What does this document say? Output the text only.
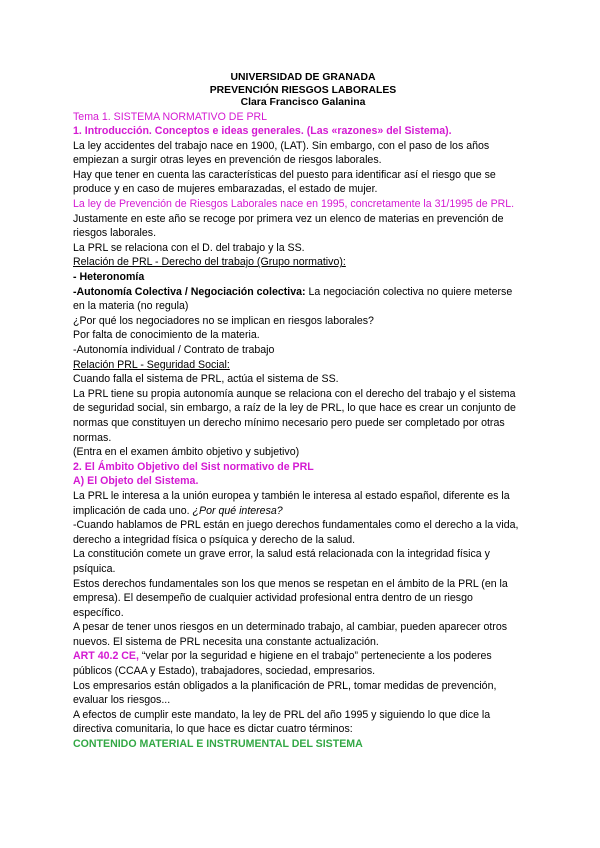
UNIVERSIDAD DE GRANADA
PREVENCIÓN RIESGOS LABORALES
Clara Francisco Galanina
Tema 1. SISTEMA NORMATIVO DE PRL
1. Introducción. Conceptos e ideas generales. (Las «razones» del Sistema).
La ley accidentes del trabajo nace en 1900, (LAT). Sin embargo, con el paso de los años empiezan a surgir otras leyes en prevención de riesgos laborales.
Hay que tener en cuenta las características del puesto para identificar así el riesgo que se produce y en caso de mujeres embarazadas, el estado de mujer.
La ley de Prevención de Riesgos Laborales nace en 1995, concretamente la 31/1995 de PRL. Justamente en este año se recoge por primera vez un elenco de materias en prevención de riesgos laborales.
La PRL se relaciona con el D. del trabajo y la SS.
Relación de PRL - Derecho del trabajo (Grupo normativo):
- Heteronomía
-Autonomía Colectiva / Negociación colectiva: La negociación colectiva no quiere meterse en la materia (no regula)
¿Por qué los negociadores no se implican en riesgos laborales?
Por falta de conocimiento de la materia.
-Autonomía individual / Contrato de trabajo
Relación PRL - Seguridad Social:
Cuando falla el sistema de PRL, actúa el sistema de SS.
La PRL tiene su propia autonomía aunque se relaciona con el derecho del trabajo y el sistema de seguridad social, sin embargo, a raíz de la ley de PRL, lo que hace es crear un conjunto de normas que constituyen un derecho mínimo necesario pero puede ser completado por otras normas.
(Entra en el examen ámbito objetivo y subjetivo)
2. El Ámbito Objetivo del Sist normativo de PRL
A) El Objeto del Sistema.
La PRL le interesa a la unión europea y también le interesa al estado español, diferente es la implicación de cada uno. ¿Por qué interesa?
-Cuando hablamos de PRL están en juego derechos fundamentales como el derecho a la vida, derecho a integridad física o psíquica y derecho de la salud.
La constitución comete un grave error, la salud está relacionada con la integridad física y psíquica.
Estos derechos fundamentales son los que menos se respetan en el ámbito de la PRL (en la empresa). El desempeño de cualquier actividad profesional entra dentro de un riesgo específico.
A pesar de tener unos riesgos en un determinado trabajo, al cambiar, pueden aparecer otros nuevos. El sistema de PRL necesita una constante actualización.
ART 40.2 CE, “velar por la seguridad e higiene en el trabajo” perteneciente a los poderes públicos (CCAA y Estado), trabajadores, sociedad, empresarios.
Los empresarios están obligados a la planificación de PRL, tomar medidas de prevención, evaluar los riesgos...
A efectos de cumplir este mandato, la ley de PRL del año 1995 y siguiendo lo que dice la directiva comunitaria, lo que hace es dictar cuatro términos:
CONTENIDO MATERIAL E INSTRUMENTAL DEL SISTEMA
